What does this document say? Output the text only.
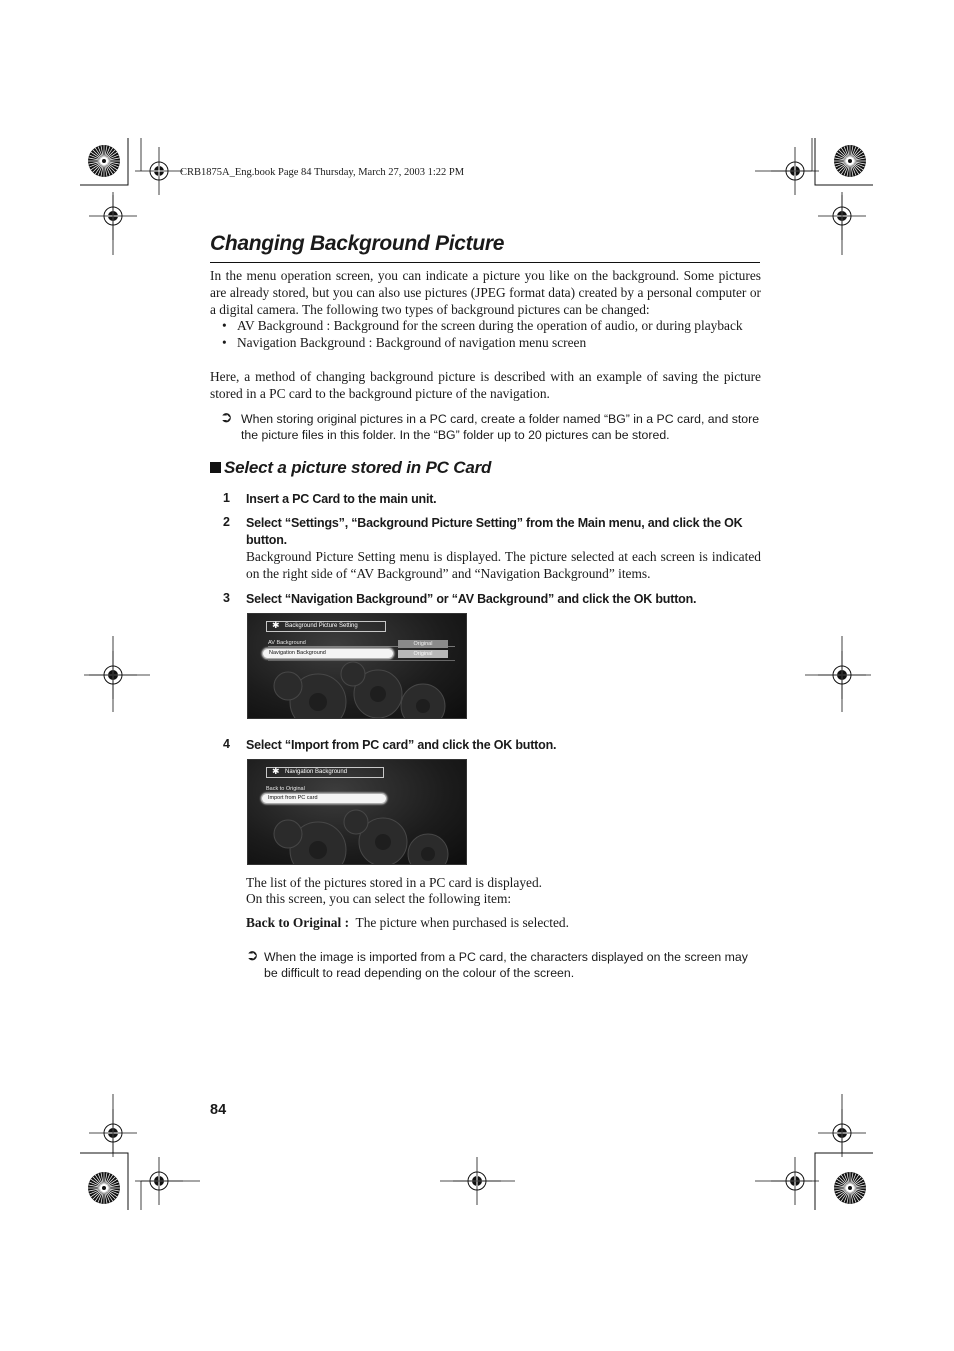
CRB1875A_Eng.book Page 84 Thursday, March 27, 2003 1:22 PM
Changing Background Picture

In the menu operation screen, you can indicate a picture you like on the background. Some pictures are already stored, but you can also use pictures (JPEG format data) created by a personal computer or a digital camera. The following two types of background pictures can be changed:

• AV Background : Background for the screen during the operation of audio, or during playback
• Navigation Background : Background of navigation menu screen
Here, a method of changing background picture is described with an example of saving the picture stored in a PC card to the background picture of the navigation.
➲ When storing original pictures in a PC card, create a folder named “BG” in a PC card, and store the picture files in this folder. In the “BG” folder up to 20 pictures can be stored.
Select a picture stored in PC Card
1 Insert a PC Card to the main unit.
2 Select “Settings”, “Background Picture Setting” from the Main menu, and click the OK button.
Background Picture Setting menu is displayed. The picture selected at each screen is indicated on the right side of “AV Background” and “Navigation Background” items.
3 Select “Navigation Background” or “AV Background” and click the OK button.
✱ Background Picture Setting
AV Background
Navigation Background
Original
Original
4 Select “Import from PC card” and click the OK button.
✱ Navigation Background
Back to Original
Import from PC card
The list of the pictures stored in a PC card is displayed.
On this screen, you can select the following item:
Back to Original : The picture when purchased is selected.
➲ When the image is imported from a PC card, the characters displayed on the screen may be difficult to read depending on the colour of the screen.
84
